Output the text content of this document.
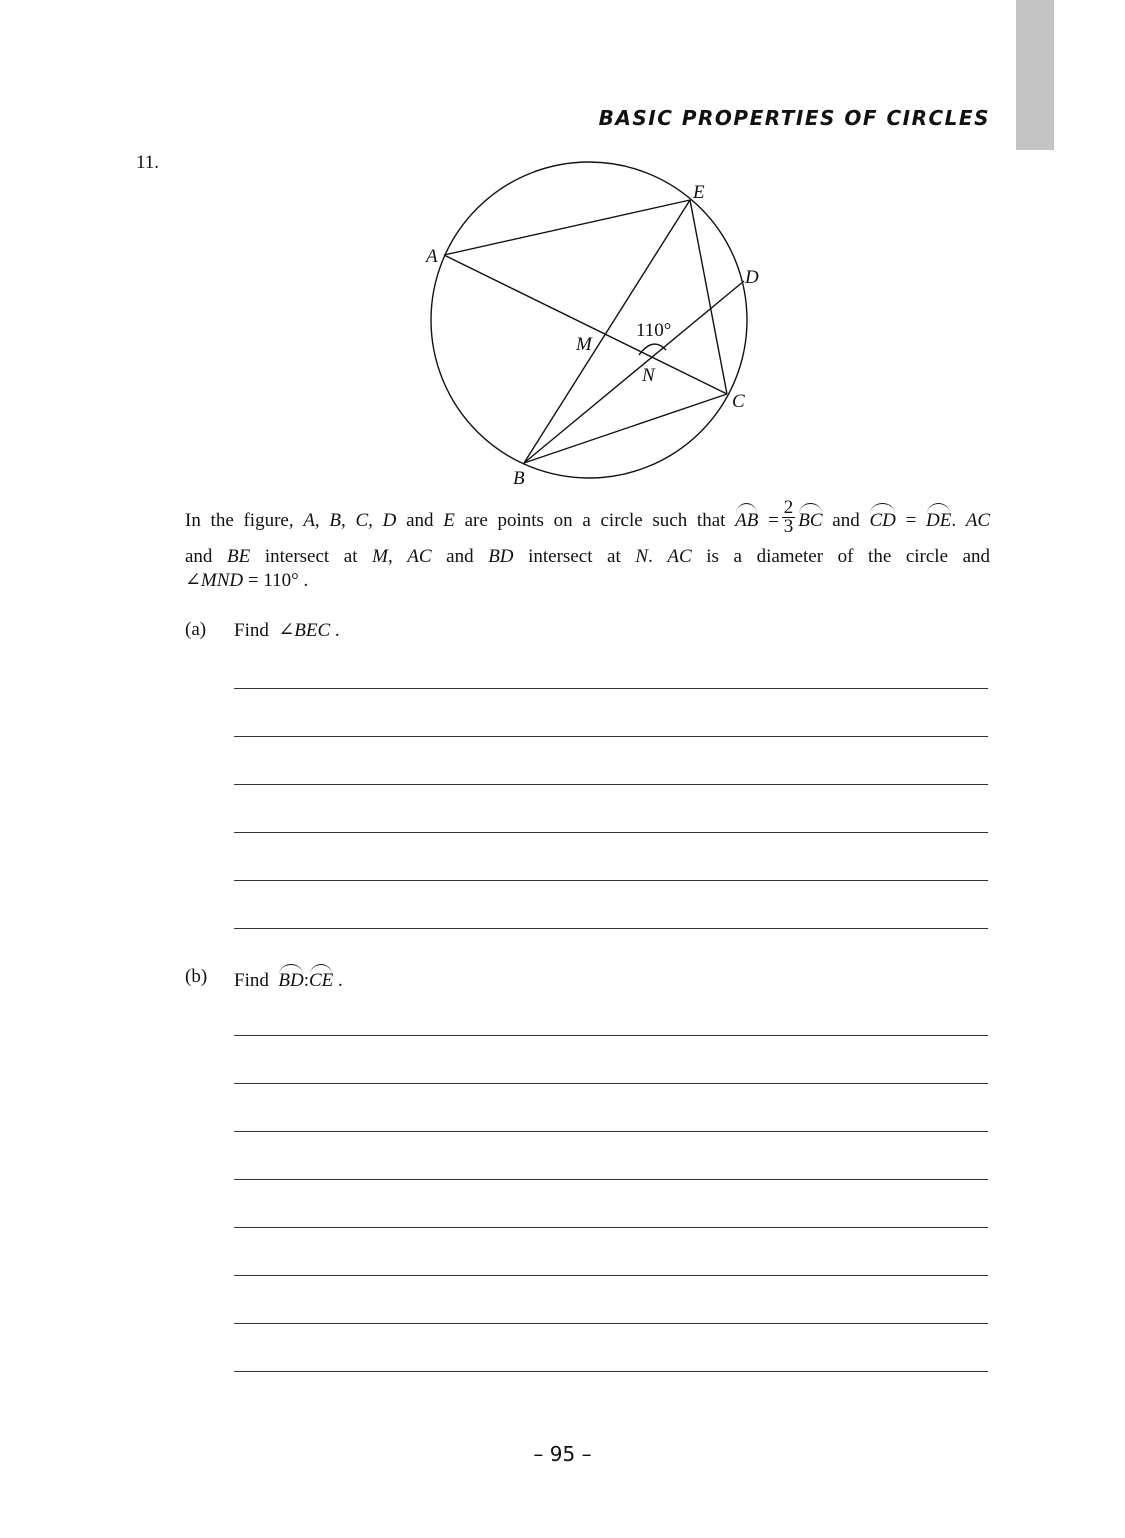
BASIC PROPERTIES OF CIRCLES
11.
A
E
D
C
B
M
N
110°
In the figure, A, B, C, D and E are points on a circle such that AB = $\frac{2}{3}$ BC and CD = DE. AC
and BE intersect at M, AC and BD intersect at N. AC is a diameter of the circle and
∠MND = 110° .
(a) Find ∠BEC .
(b) Find BD:CE .
– 95 –
